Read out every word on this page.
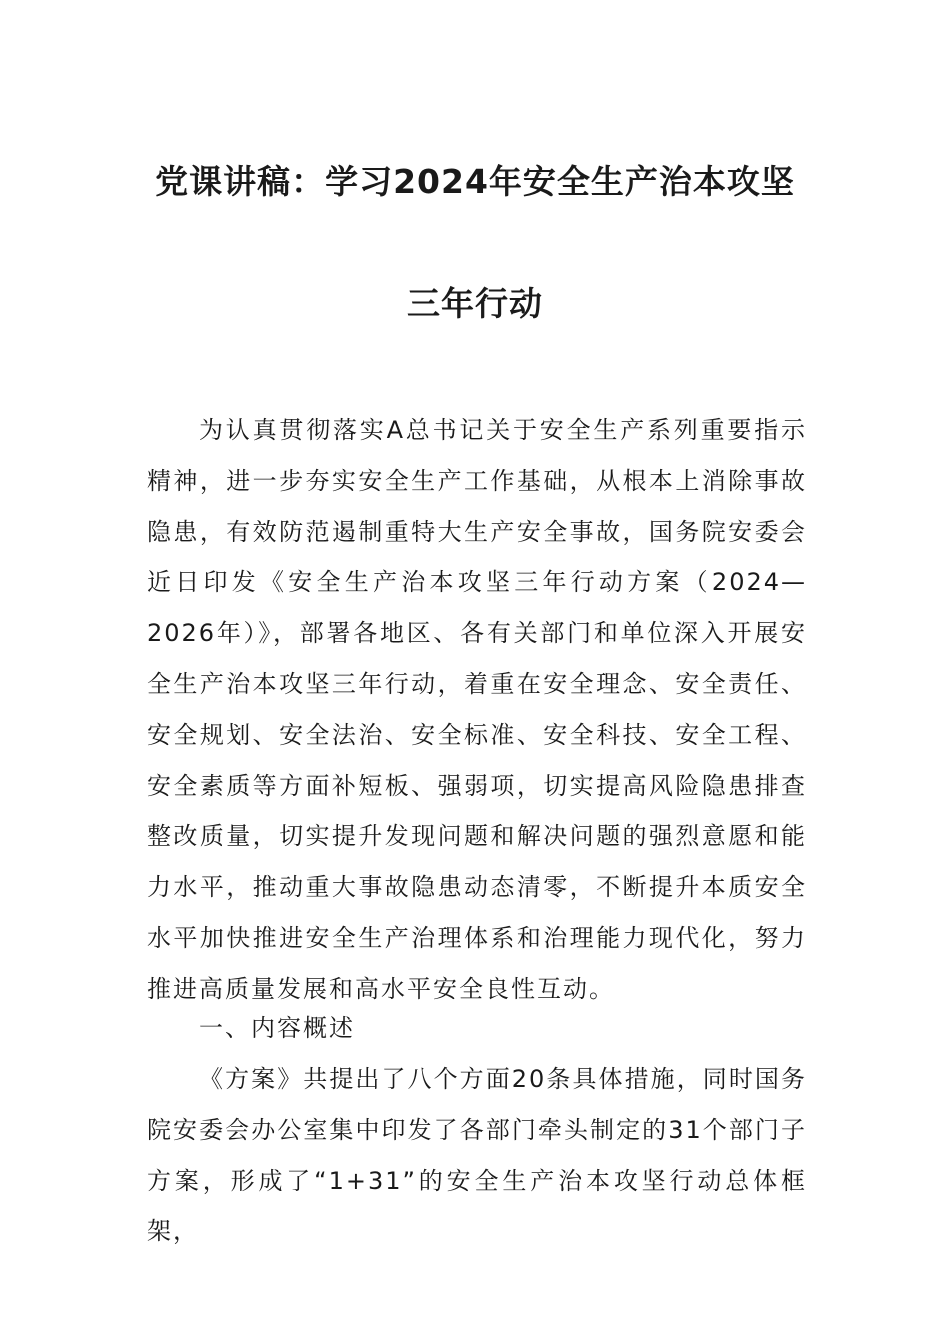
党课讲稿：学习2024年安全生产治本攻坚
三年行动
为认真贯彻落实A总书记关于安全生产系列重要指示精神，进一步夯实安全生产工作基础，从根本上消除事故隐患，有效防范遏制重特大生产安全事故，国务院安委会近日印发《安全生产治本攻坚三年行动方案（2024—2026年）》，部署各地区、各有关部门和单位深入开展安全生产治本攻坚三年行动，着重在安全理念、安全责任、安全规划、安全法治、安全标准、安全科技、安全工程、安全素质等方面补短板、强弱项，切实提高风险隐患排查整改质量，切实提升发现问题和解决问题的强烈意愿和能力水平，推动重大事故隐患动态清零，不断提升本质安全水平加快推进安全生产治理体系和治理能力现代化，努力推进高质量发展和高水平安全良性互动。
一、内容概述
《方案》共提出了八个方面20条具体措施，同时国务院安委会办公室集中印发了各部门牵头制定的31个部门子方案，形成了“1+31”的安全生产治本攻坚行动总体框架，
